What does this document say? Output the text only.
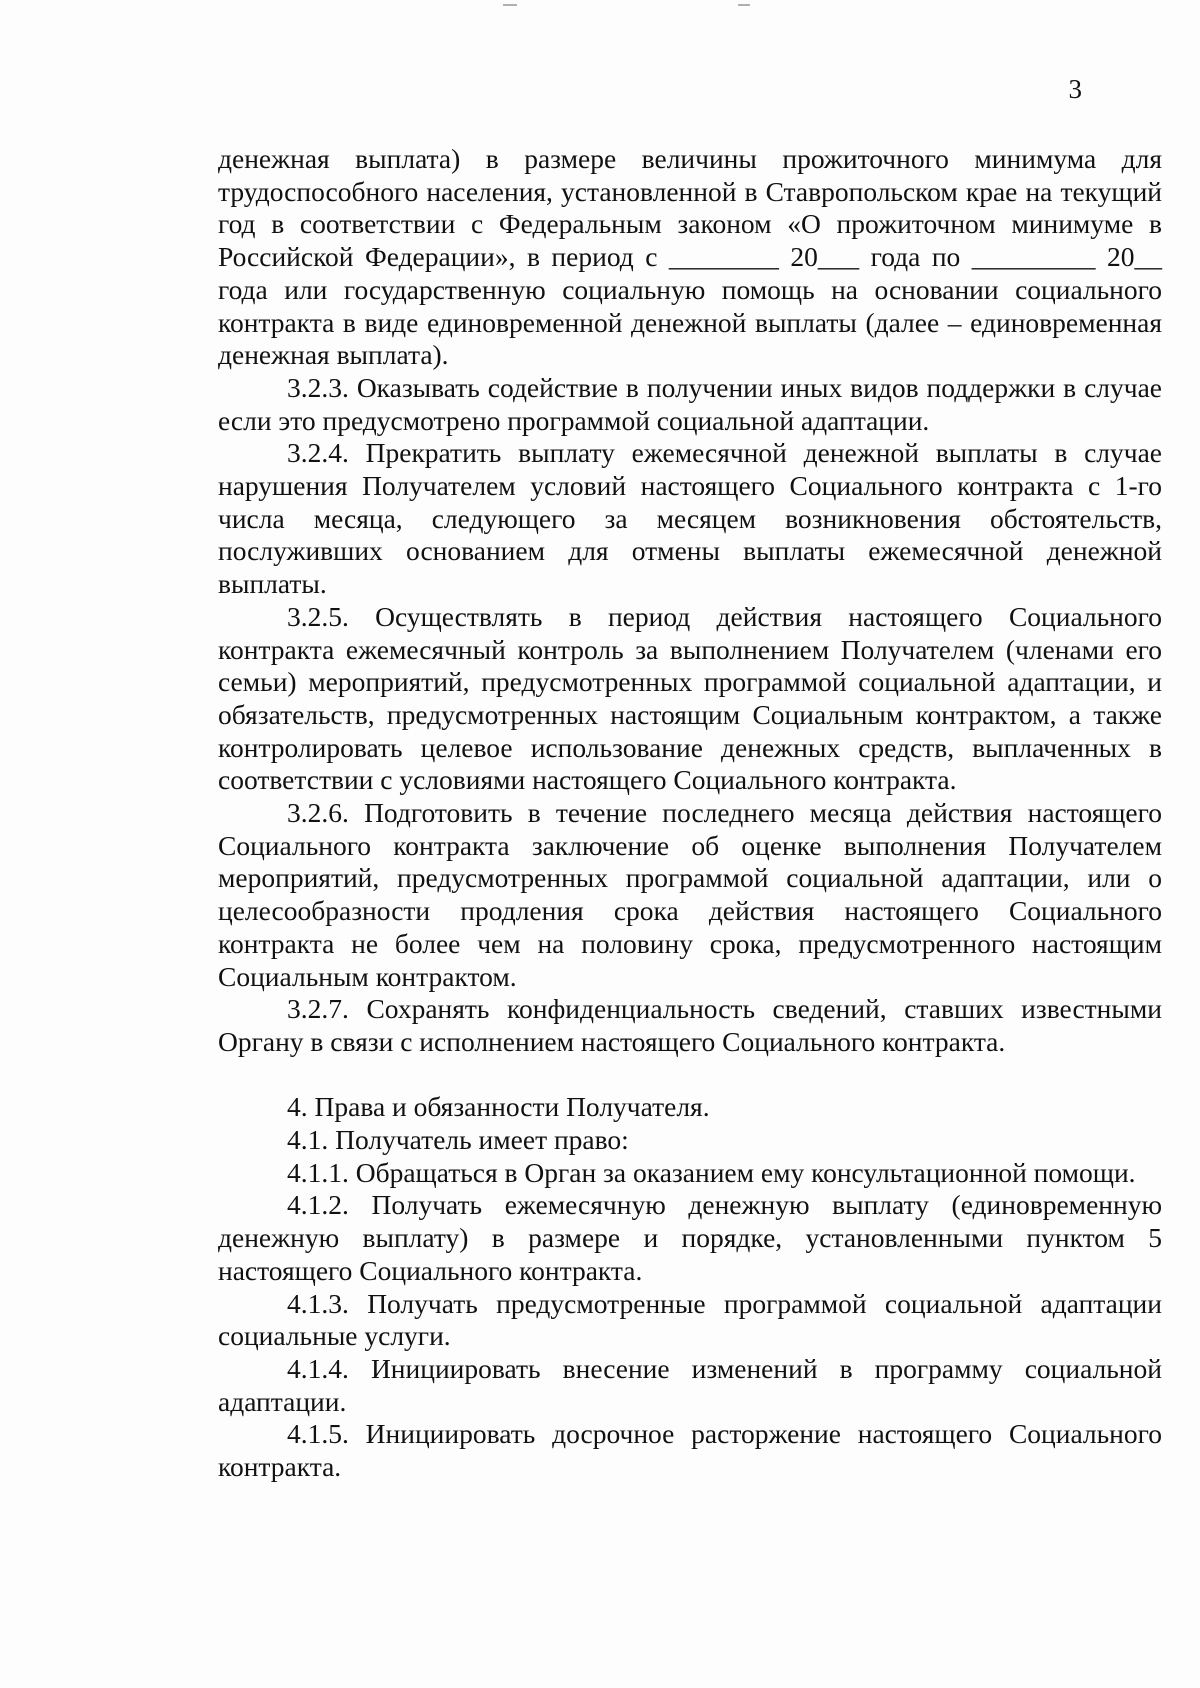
3

денежная выплата) в размере величины прожиточного минимума для трудоспособного населения, установленной в Ставропольском крае на текущий год в соответствии с Федеральным законом «О прожиточном минимуме в Российской Федерации», в период с ________ 20___ года по _________ 20__ года или государственную социальную помощь на основании социального контракта в виде единовременной денежной выплаты (далее – единовременная денежная выплата).

3.2.3. Оказывать содействие в получении иных видов поддержки в случае если это предусмотрено программой социальной адаптации.

3.2.4. Прекратить выплату ежемесячной денежной выплаты в случае нарушения Получателем условий настоящего Социального контракта с 1-го числа месяца, следующего за месяцем возникновения обстоятельств, послуживших основанием для отмены выплаты ежемесячной денежной выплаты.

3.2.5. Осуществлять в период действия настоящего Социального контракта ежемесячный контроль за выполнением Получателем (членами его семьи) мероприятий, предусмотренных программой социальной адаптации, и обязательств, предусмотренных настоящим Социальным контрактом, а также контролировать целевое использование денежных средств, выплаченных в соответствии с условиями настоящего Социального контракта.

3.2.6. Подготовить в течение последнего месяца действия настоящего Социального контракта заключение об оценке выполнения Получателем мероприятий, предусмотренных программой социальной адаптации, или о целесообразности продления срока действия настоящего Социального контракта не более чем на половину срока, предусмотренного настоящим Социальным контрактом.

3.2.7. Сохранять конфиденциальность сведений, ставших известными Органу в связи с исполнением настоящего Социального контракта.

4. Права и обязанности Получателя.

4.1. Получатель имеет право:

4.1.1. Обращаться в Орган за оказанием ему консультационной помощи.

4.1.2. Получать ежемесячную денежную выплату (единовременную денежную выплату) в размере и порядке, установленными пунктом 5 настоящего Социального контракта.

4.1.3. Получать предусмотренные программой социальной адаптации социальные услуги.

4.1.4. Инициировать внесение изменений в программу социальной адаптации.

4.1.5. Инициировать досрочное расторжение настоящего Социального контракта.
